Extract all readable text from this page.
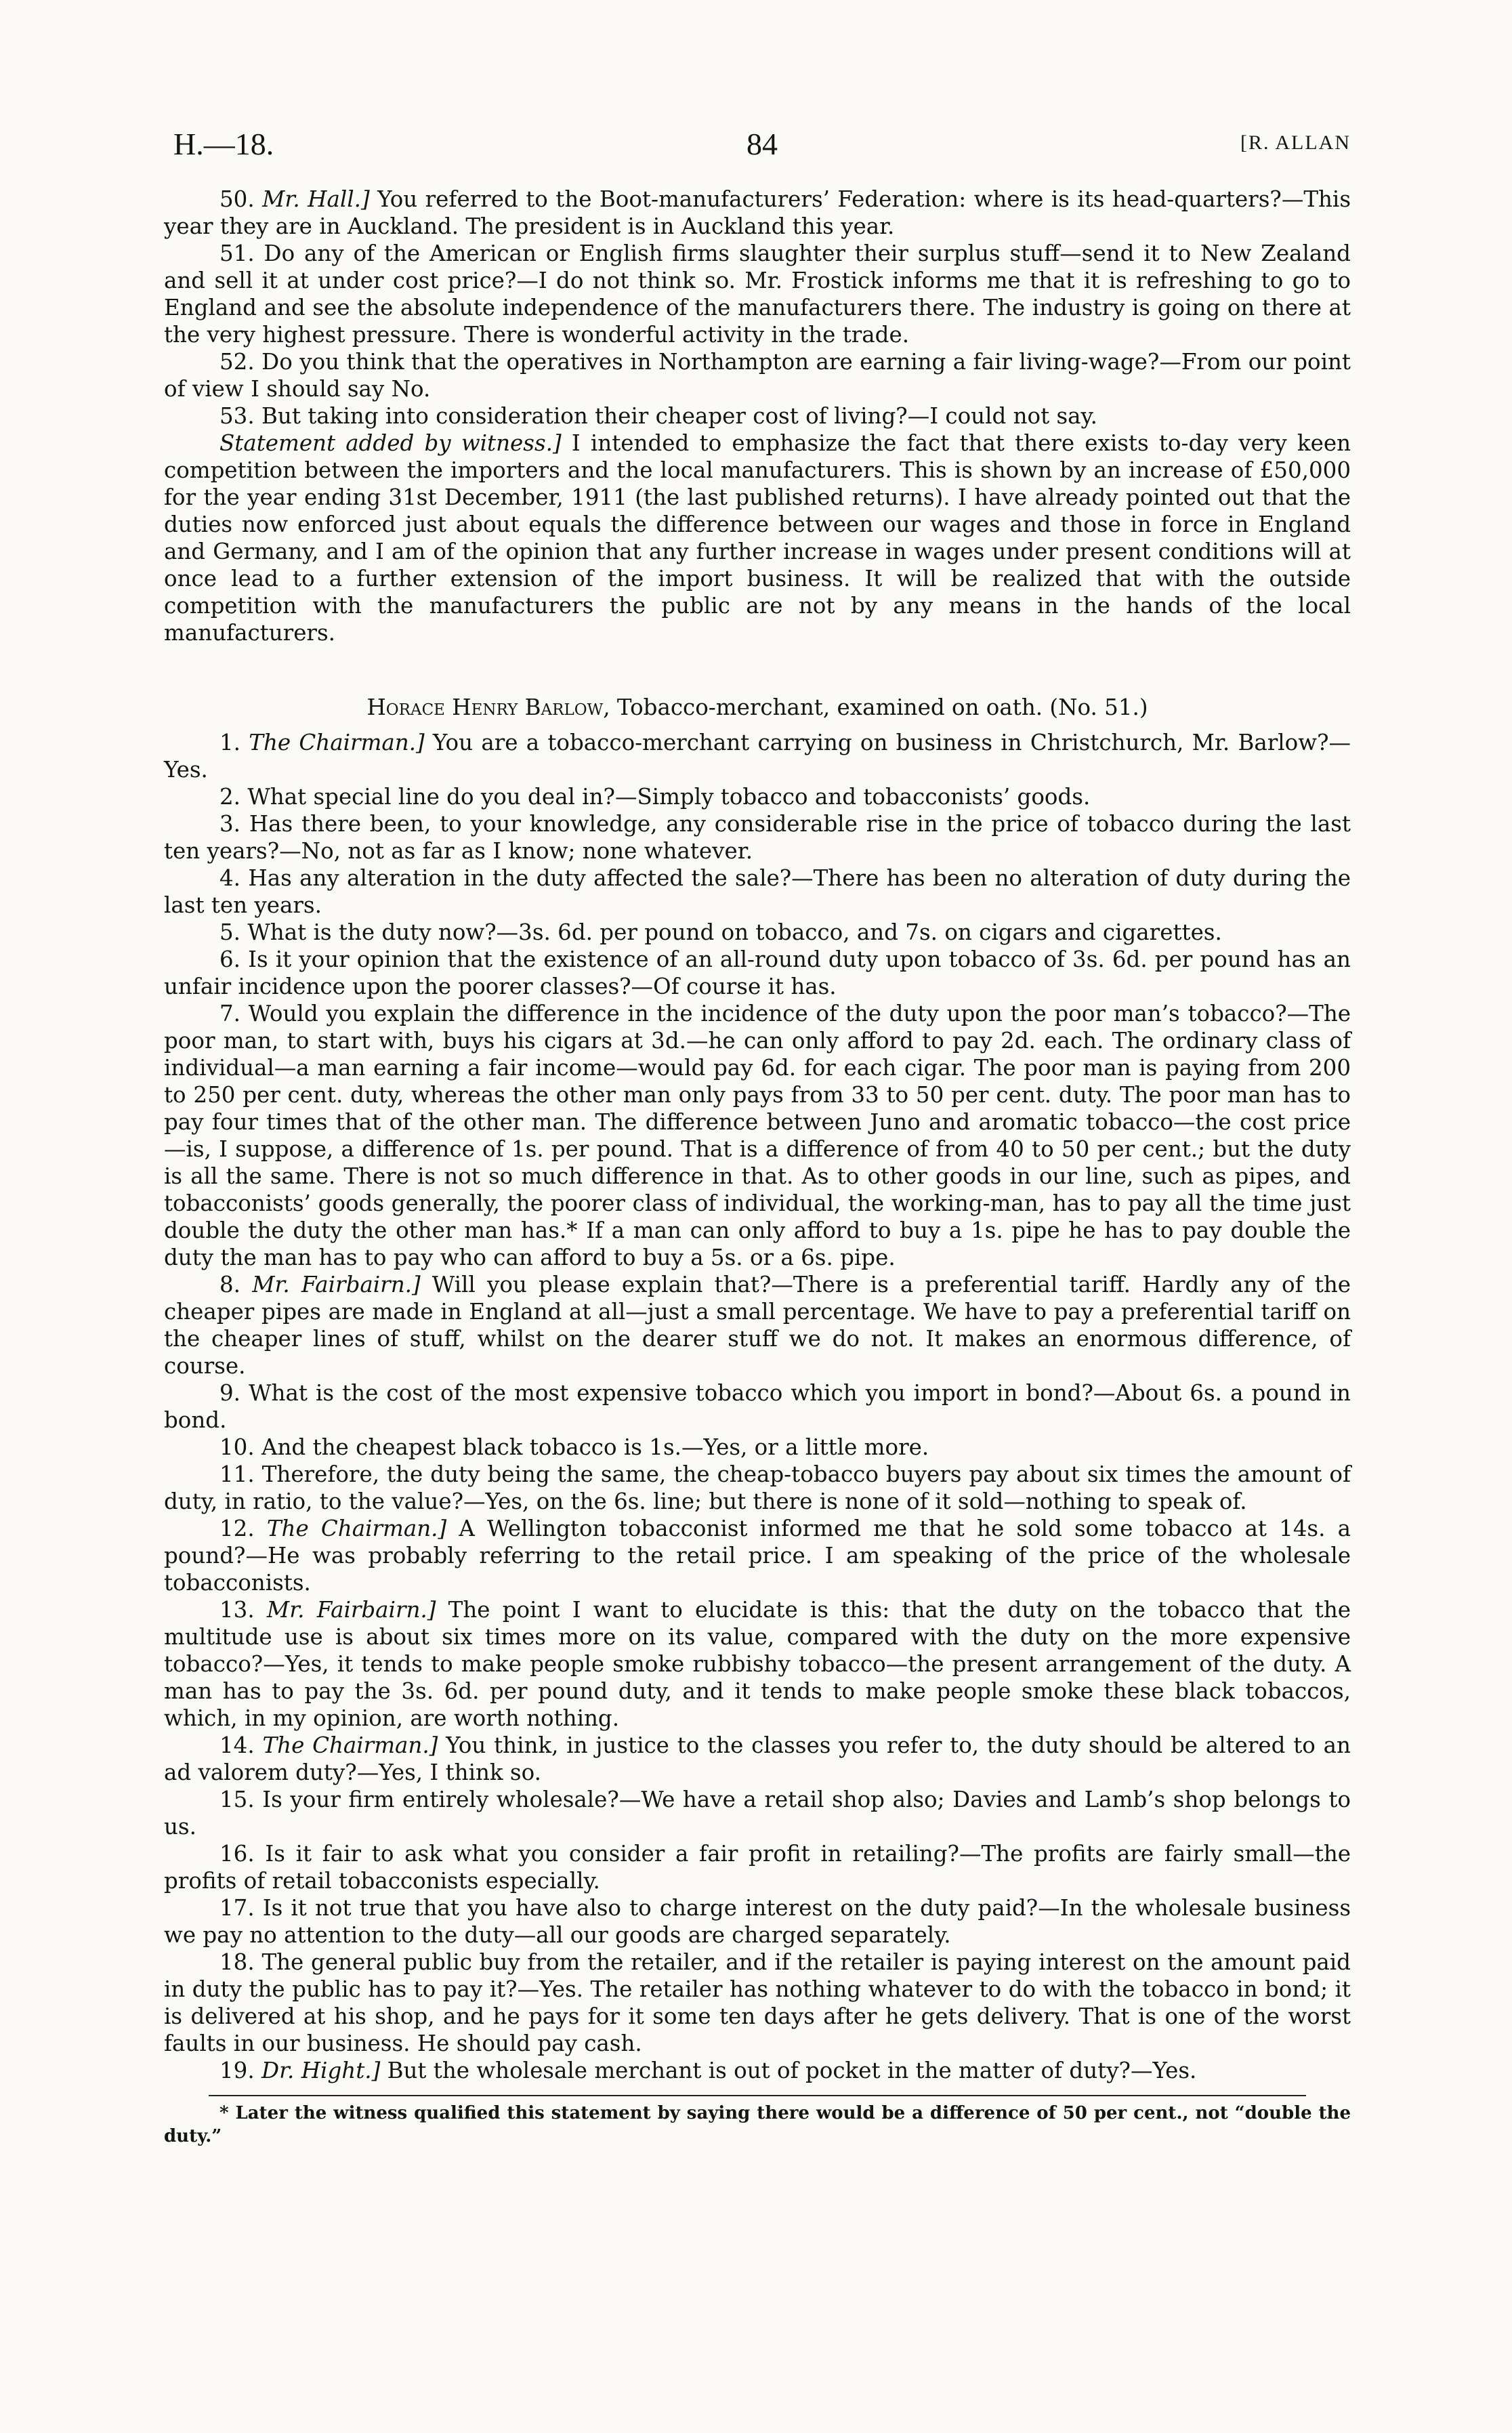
H.—18.	84	[R. ALLAN

50. Mr. Hall.] You referred to the Boot-manufacturers’ Federation: where is its head-quarters?—This year they are in Auckland. The president is in Auckland this year.

51. Do any of the American or English firms slaughter their surplus stuff—send it to New Zealand and sell it at under cost price?—I do not think so. Mr. Frostick informs me that it is refreshing to go to England and see the absolute independence of the manufacturers there. The industry is going on there at the very highest pressure. There is wonderful activity in the trade.

52. Do you think that the operatives in Northampton are earning a fair living-wage?—From our point of view I should say No.

53. But taking into consideration their cheaper cost of living?—I could not say.

Statement added by witness.] I intended to emphasize the fact that there exists to-day very keen competition between the importers and the local manufacturers. This is shown by an increase of £50,000 for the year ending 31st December, 1911 (the last published returns). I have already pointed out that the duties now enforced just about equals the difference between our wages and those in force in England and Germany, and I am of the opinion that any further increase in wages under present conditions will at once lead to a further extension of the import business. It will be realized that with the outside competition with the manufacturers the public are not by any means in the hands of the local manufacturers.

Horace Henry Barlow, Tobacco-merchant, examined on oath. (No. 51.)

1. The Chairman.] You are a tobacco-merchant carrying on business in Christchurch, Mr. Barlow?—Yes.

2. What special line do you deal in?—Simply tobacco and tobacconists’ goods.

3. Has there been, to your knowledge, any considerable rise in the price of tobacco during the last ten years?—No, not as far as I know; none whatever.

4. Has any alteration in the duty affected the sale?—There has been no alteration of duty during the last ten years.

5. What is the duty now?—3s. 6d. per pound on tobacco, and 7s. on cigars and cigarettes.

6. Is it your opinion that the existence of an all-round duty upon tobacco of 3s. 6d. per pound has an unfair incidence upon the poorer classes?—Of course it has.

7. Would you explain the difference in the incidence of the duty upon the poor man’s tobacco?—The poor man, to start with, buys his cigars at 3d.—he can only afford to pay 2d. each. The ordinary class of individual—a man earning a fair income—would pay 6d. for each cigar. The poor man is paying from 200 to 250 per cent. duty, whereas the other man only pays from 33 to 50 per cent. duty. The poor man has to pay four times that of the other man. The difference between Juno and aromatic tobacco—the cost price—is, I suppose, a difference of 1s. per pound. That is a difference of from 40 to 50 per cent.; but the duty is all the same. There is not so much difference in that. As to other goods in our line, such as pipes, and tobacconists’ goods generally, the poorer class of individual, the working-man, has to pay all the time just double the duty the other man has.* If a man can only afford to buy a 1s. pipe he has to pay double the duty the man has to pay who can afford to buy a 5s. or a 6s. pipe.

8. Mr. Fairbairn.] Will you please explain that?—There is a preferential tariff. Hardly any of the cheaper pipes are made in England at all—just a small percentage. We have to pay a preferential tariff on the cheaper lines of stuff, whilst on the dearer stuff we do not. It makes an enormous difference, of course.

9. What is the cost of the most expensive tobacco which you import in bond?—About 6s. a pound in bond.

10. And the cheapest black tobacco is 1s.—Yes, or a little more.

11. Therefore, the duty being the same, the cheap-tobacco buyers pay about six times the amount of duty, in ratio, to the value?—Yes, on the 6s. line; but there is none of it sold—nothing to speak of.

12. The Chairman.] A Wellington tobacconist informed me that he sold some tobacco at 14s. a pound?—He was probably referring to the retail price. I am speaking of the price of the wholesale tobacconists.

13. Mr. Fairbairn.] The point I want to elucidate is this: that the duty on the tobacco that the multitude use is about six times more on its value, compared with the duty on the more expensive tobacco?—Yes, it tends to make people smoke rubbishy tobacco—the present arrangement of the duty. A man has to pay the 3s. 6d. per pound duty, and it tends to make people smoke these black tobaccos, which, in my opinion, are worth nothing.

14. The Chairman.] You think, in justice to the classes you refer to, the duty should be altered to an ad valorem duty?—Yes, I think so.

15. Is your firm entirely wholesale?—We have a retail shop also; Davies and Lamb’s shop belongs to us.

16. Is it fair to ask what you consider a fair profit in retailing?—The profits are fairly small—the profits of retail tobacconists especially.

17. Is it not true that you have also to charge interest on the duty paid?—In the wholesale business we pay no attention to the duty—all our goods are charged separately.

18. The general public buy from the retailer, and if the retailer is paying interest on the amount paid in duty the public has to pay it?—Yes. The retailer has nothing whatever to do with the tobacco in bond; it is delivered at his shop, and he pays for it some ten days after he gets delivery. That is one of the worst faults in our business. He should pay cash.

19. Dr. Hight.] But the wholesale merchant is out of pocket in the matter of duty?—Yes.

* Later the witness qualified this statement by saying there would be a difference of 50 per cent., not “double the duty.”
